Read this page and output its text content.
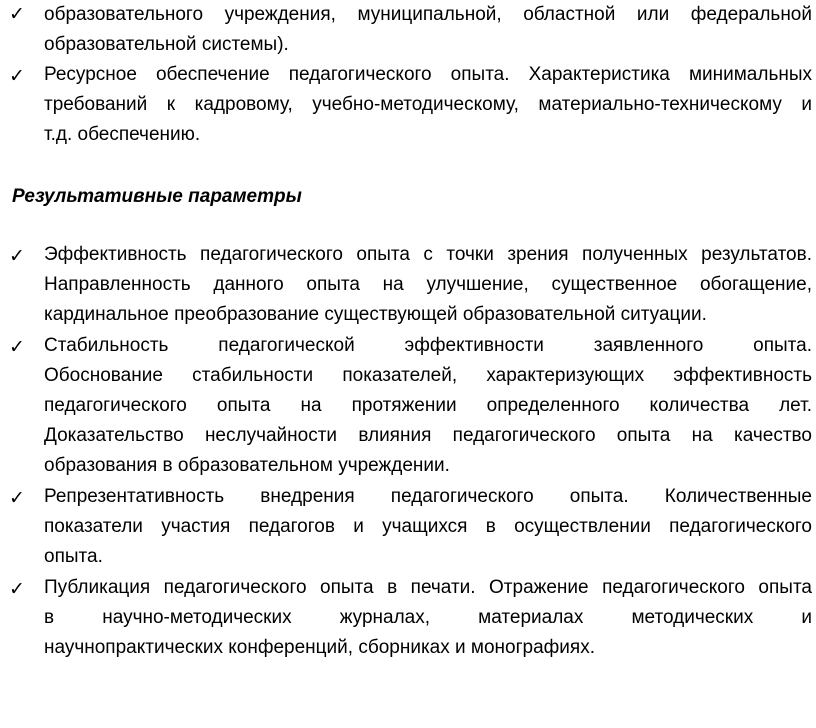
✓ образовательного учреждения, муниципальной, областной или федеральной
образовательной системы).
✓ Ресурсное обеспечение педагогического опыта. Характеристика минимальных
требований к кадровому, учебно-методическому, материально-техническому и
т.д. обеспечению.
Результативные параметры
✓ Эффективность педагогического опыта с точки зрения полученных результатов.
Направленность данного опыта на улучшение, существенное обогащение,
кардинальное преобразование существующей образовательной ситуации.
✓ Стабильность педагогической эффективности заявленного опыта.
Обоснование стабильности показателей, характеризующих эффективность
педагогического опыта на протяжении определенного количества лет.
Доказательство неслучайности влияния педагогического опыта на качество
образования в образовательном учреждении.
✓ Репрезентативность внедрения педагогического опыта. Количественные
показатели участия педагогов и учащихся в осуществлении педагогического
опыта.
✓ Публикация педагогического опыта в печати. Отражение педагогического опыта
в научно-методических журналах, материалах методических и
научнопрактических конференций, сборниках и монографиях.
